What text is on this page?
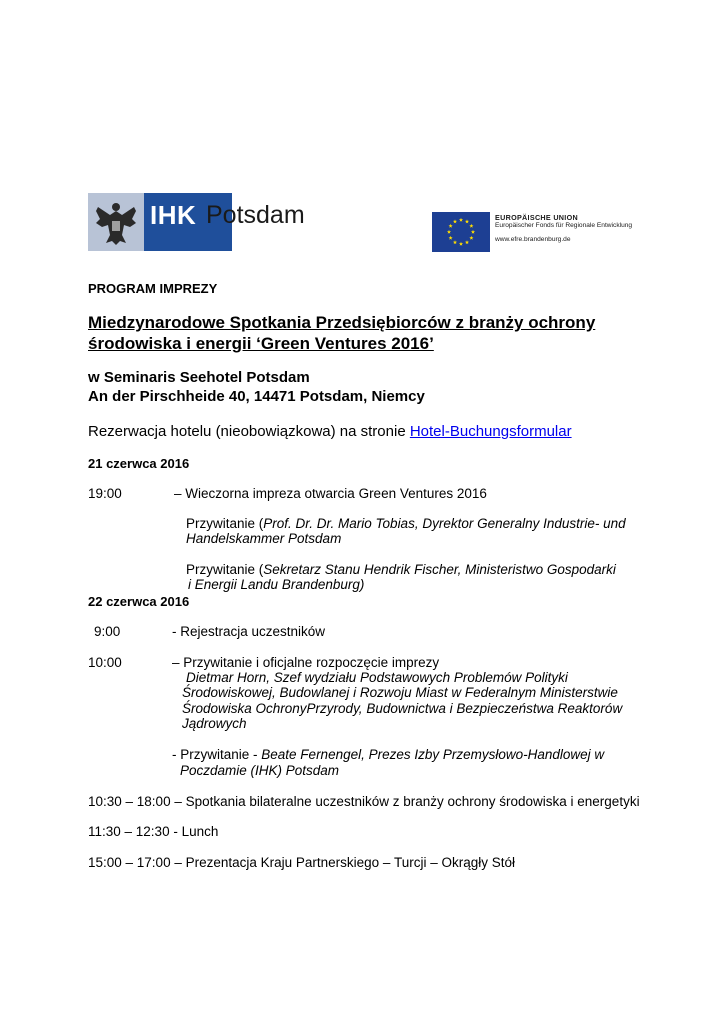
IHK Potsdam	EUROPÄISCHE UNION
Europäischer Fonds für Regionale Entwicklung
www.efre.brandenburg.de
PROGRAM IMPREZY
Miedzynarodowe Spotkania Przedsiębiorców z branży ochrony
środowiska i energii ‘Green Ventures 2016’
w Seminaris Seehotel Potsdam
An der Pirschheide 40, 14471 Potsdam, Niemcy
Rezerwacja hotelu (nieobowiązkowa) na stronie Hotel-Buchungsformular
21 czerwca 2016
19:00	– Wieczorna impreza otwarcia Green Ventures 2016
Przywitanie (Prof. Dr. Dr. Mario Tobias, Dyrektor Generalny Industrie- und
Handelskammer Potsdam
Przywitanie (Sekretarz Stanu Hendrik Fischer, Ministeristwo Gospodarki
i Energii Landu Brandenburg)
22 czerwca 2016
9:00	- Rejestracja uczestników
10:00	– Przywitanie i oficjalne rozpoczęcie imprezy
Dietmar Horn, Szef wydziału Podstawowych Problemów Polityki
Środowiskowej, Budowlanej i Rozwoju Miast w Federalnym Ministerstwie
Środowiska OchronyPrzyrody, Budownictwa i Bezpieczeństwa Reaktorów
Jądrowych
- Przywitanie - Beate Fernengel, Prezes Izby Przemysłowo-Handlowej w
Poczdamie (IHK) Potsdam
10:30 – 18:00 – Spotkania bilateralne uczestników z branży ochrony środowiska i energetyki
11:30 – 12:30 - Lunch
15:00 – 17:00 – Prezentacja Kraju Partnerskiego – Turcji – Okrągły Stół
